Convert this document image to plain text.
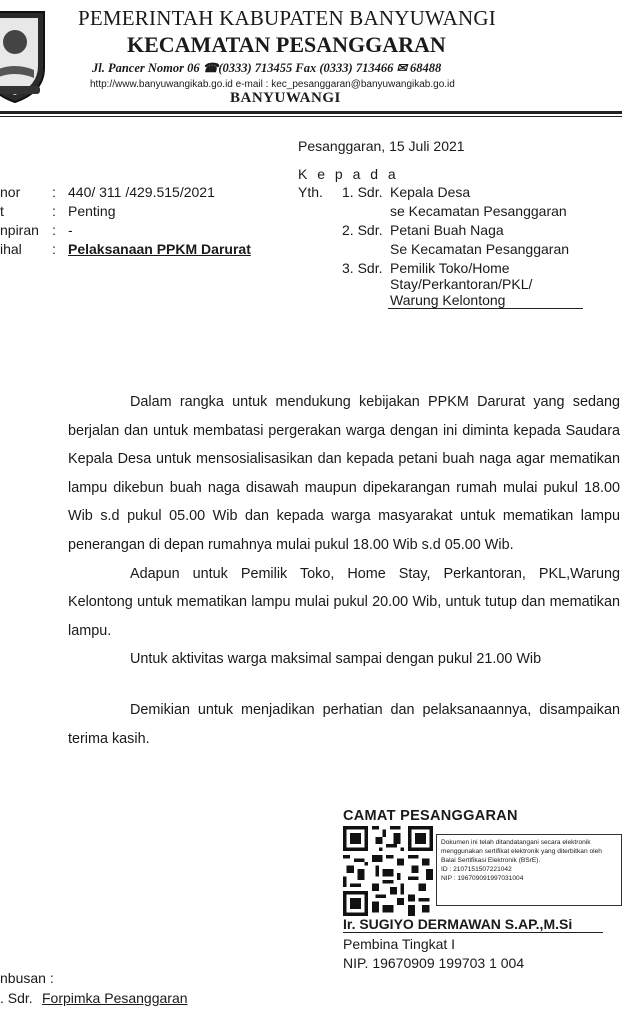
PEMERINTAH KABUPATEN BANYUWANGI
KECAMATAN PESANGGARAN
Jl. Pancer Nomor 06 ☎(0333) 713455 Fax (0333) 713466 ✉ 68488
http://www.banyuwangikab.go.id e-mail : kec_pesanggaran@banyuwangikab.go.id
BANYUWANGI
Pesanggaran, 15 Juli 2021
K e p a d a
nor : 440/ 311 /429.515/2021
t	: Penting
npiran : -
ihal : Pelaksanaan PPKM Darurat
Yth. 1. Sdr. Kepala Desa
se Kecamatan Pesanggaran
2. Sdr. Petani Buah Naga
Se Kecamatan Pesanggaran
3. Sdr. Pemilik Toko/Home
Stay/Perkantoran/PKL/
Warung Kelontong

Dalam rangka untuk mendukung kebijakan PPKM Darurat yang sedang berjalan dan untuk membatasi pergerakan warga dengan ini diminta kepada Saudara Kepala Desa untuk mensosialisasikan dan kepada petani buah naga agar mematikan lampu dikebun buah naga disawah maupun dipekarangan rumah mulai pukul 18.00 Wib s.d pukul 05.00 Wib dan kepada warga masyarakat untuk mematikan lampu penerangan di depan rumahnya mulai pukul 18.00 Wib s.d 05.00 Wib.

Adapun untuk Pemilik Toko, Home Stay, Perkantoran, PKL,Warung Kelontong untuk mematikan lampu mulai pukul 20.00 Wib, untuk tutup dan mematikan lampu.

Untuk aktivitas warga maksimal sampai dengan pukul 21.00 Wib

Demikian untuk menjadikan perhatian dan pelaksanaannya, disampaikan terima kasih.

CAMAT PESANGGARAN
Dokumen ini telah ditandatangani secara elektronik menggunakan sertifikat elektronik yang diterbitkan oleh Balai Sertifikasi Elektronik (BSrE).
ID : 2107151507221042
NIP : 196709091997031004
Ir. SUGIYO DERMAWAN S.AP.,M.Si
Pembina Tingkat I
NIP. 19670909 199703 1 004
nbusan :
. Sdr. Forpimka Pesanggaran
